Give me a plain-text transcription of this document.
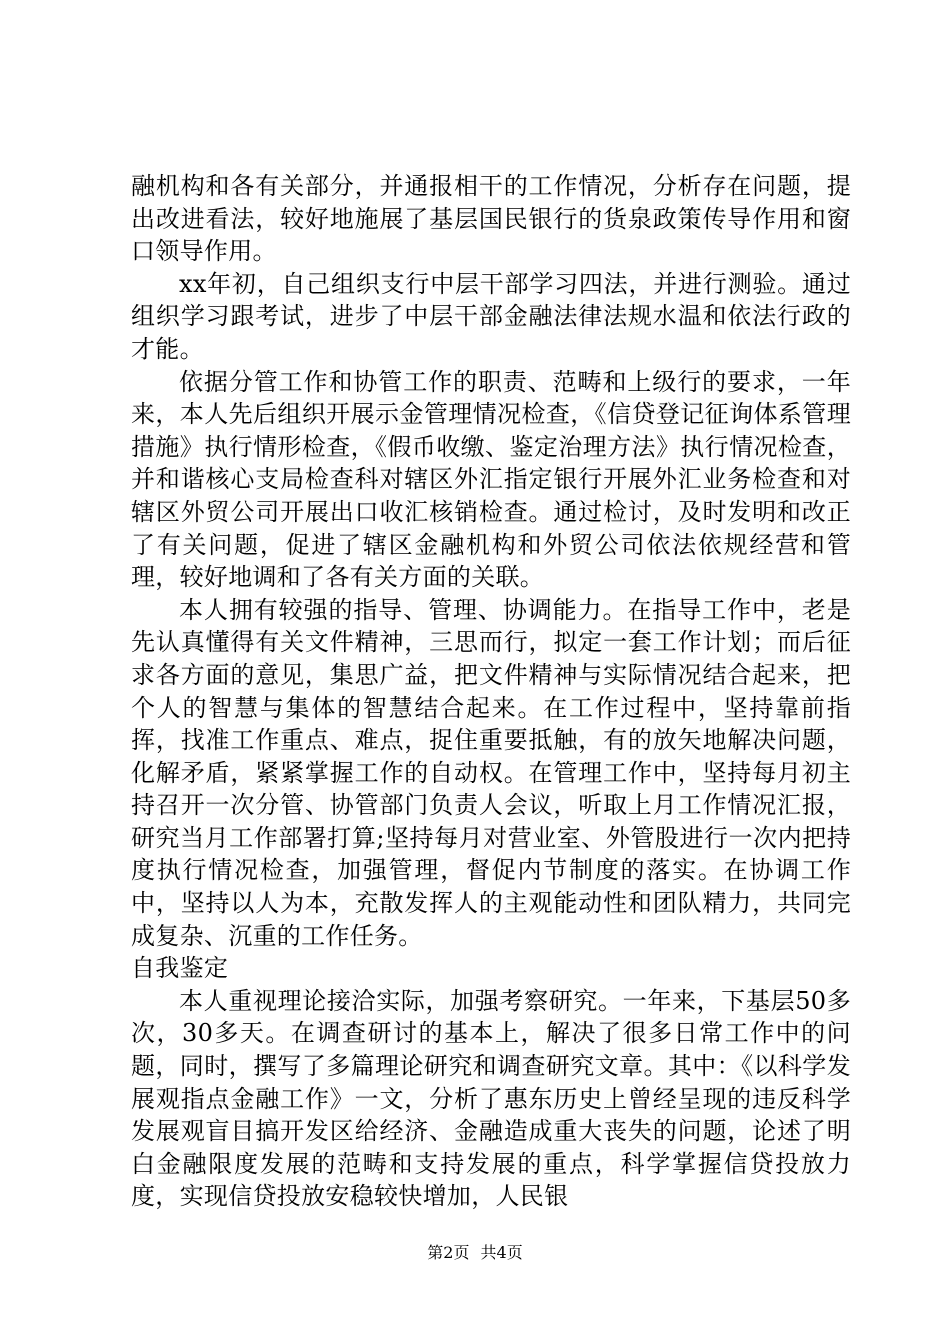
融机构和各有关部分，并通报相干的工作情况，分析存在问题，提出改进看法，较好地施展了基层国民银行的货泉政策传导作用和窗口领导作用。

xx年初，自己组织支行中层干部学习四法，并进行测验。通过组织学习跟考试，进步了中层干部金融法律法规水温和依法行政的才能。

依据分管工作和协管工作的职责、范畴和上级行的要求，一年来，本人先后组织开展示金管理情况检查，《信贷登记征询体系管理措施》执行情形检查，《假币收缴、鉴定治理方法》执行情况检查，并和谐核心支局检查科对辖区外汇指定银行开展外汇业务检查和对辖区外贸公司开展出口收汇核销检查。通过检讨，及时发明和改正了有关问题，促进了辖区金融机构和外贸公司依法依规经营和管理，较好地调和了各有关方面的关联。

本人拥有较强的指导、管理、协调能力。在指导工作中，老是先认真懂得有关文件精神，三思而行，拟定一套工作计划；而后征求各方面的意见，集思广益，把文件精神与实际情况结合起来，把个人的智慧与集体的智慧结合起来。在工作过程中，坚持靠前指挥，找准工作重点、难点，捉住重要抵触，有的放矢地解决问题，化解矛盾，紧紧掌握工作的自动权。在管理工作中，坚持每月初主持召开一次分管、协管部门负责人会议，听取上月工作情况汇报，研究当月工作部署打算;坚持每月对营业室、外管股进行一次内把持度执行情况检查，加强管理，督促内节制度的落实。在协调工作中，坚持以人为本，充散发挥人的主观能动性和团队精力，共同完成复杂、沉重的工作任务。

自我鉴定

本人重视理论接洽实际，加强考察研究。一年来，下基层50多次，30多天。在调查研讨的基本上，解决了很多日常工作中的问题，同时，撰写了多篇理论研究和调查研究文章。其中：《以科学发展观指点金融工作》一文，分析了惠东历史上曾经呈现的违反科学发展观盲目搞开发区给经济、金融造成重大丧失的问题，论述了明白金融限度发展的范畴和支持发展的重点，科学掌握信贷投放力度，实现信贷投放安稳较快增加，人民银

第2页 共4页
